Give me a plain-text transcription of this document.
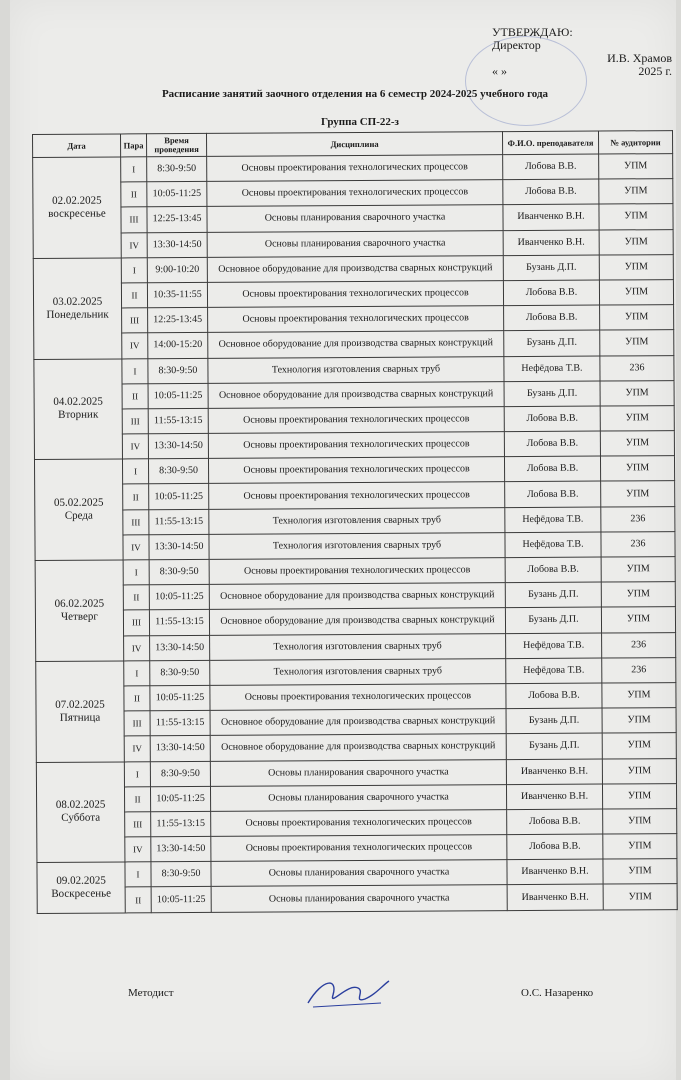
УТВЕРЖДАЮ:
Директор

И.В. Храмов
« »	2025 г.
Расписание занятий заочного отделения на 6 семестр 2024-2025 учебного года
Группа СП-22-з
Дата	Пара	Время проведения	Дисциплина	Ф.И.О. преподавателя	№ аудитории

02.02.2025
воскресенье	I	8:30-9:50	Основы проектирования технологических процессов	Лобова В.В.	УПМ
	II	10:05-11:25	Основы проектирования технологических процессов	Лобова В.В.	УПМ
	III	12:25-13:45	Основы планирования сварочного участка	Иванченко В.Н.	УПМ
	IV	13:30-14:50	Основы планирования сварочного участка	Иванченко В.Н.	УПМ

03.02.2025
Понедельник	I	9:00-10:20	Основное оборудование для производства сварных конструкций	Бузань Д.П.	УПМ
	II	10:35-11:55	Основы проектирования технологических процессов	Лобова В.В.	УПМ
	III	12:25-13:45	Основы проектирования технологических процессов	Лобова В.В.	УПМ
	IV	14:00-15:20	Основное оборудование для производства сварных конструкций	Бузань Д.П.	УПМ

04.02.2025
Вторник	I	8:30-9:50	Технология изготовления сварных труб	Нефёдова Т.В.	236
	II	10:05-11:25	Основное оборудование для производства сварных конструкций	Бузань Д.П.	УПМ
	III	11:55-13:15	Основы проектирования технологических процессов	Лобова В.В.	УПМ
	IV	13:30-14:50	Основы проектирования технологических процессов	Лобова В.В.	УПМ

05.02.2025
Среда	I	8:30-9:50	Основы проектирования технологических процессов	Лобова В.В.	УПМ
	II	10:05-11:25	Основы проектирования технологических процессов	Лобова В.В.	УПМ
	III	11:55-13:15	Технология изготовления сварных труб	Нефёдова Т.В.	236
	IV	13:30-14:50	Технология изготовления сварных труб	Нефёдова Т.В.	236

06.02.2025
Четверг	I	8:30-9:50	Основы проектирования технологических процессов	Лобова В.В.	УПМ
	II	10:05-11:25	Основное оборудование для производства сварных конструкций	Бузань Д.П.	УПМ
	III	11:55-13:15	Основное оборудование для производства сварных конструкций	Бузань Д.П.	УПМ
	IV	13:30-14:50	Технология изготовления сварных труб	Нефёдова Т.В.	236

07.02.2025
Пятница	I	8:30-9:50	Технология изготовления сварных труб	Нефёдова Т.В.	236
	II	10:05-11:25	Основы проектирования технологических процессов	Лобова В.В.	УПМ
	III	11:55-13:15	Основное оборудование для производства сварных конструкций	Бузань Д.П.	УПМ
	IV	13:30-14:50	Основное оборудование для производства сварных конструкций	Бузань Д.П.	УПМ

08.02.2025
Суббота	I	8:30-9:50	Основы планирования сварочного участка	Иванченко В.Н.	УПМ
	II	10:05-11:25	Основы планирования сварочного участка	Иванченко В.Н.	УПМ
	III	11:55-13:15	Основы проектирования технологических процессов	Лобова В.В.	УПМ
	IV	13:30-14:50	Основы проектирования технологических процессов	Лобова В.В.	УПМ

09.02.2025
Воскресенье	I	8:30-9:50	Основы планирования сварочного участка	Иванченко В.Н.	УПМ
	II	10:05-11:25	Основы планирования сварочного участка	Иванченко В.Н.	УПМ
Методист	О.С. Назаренко
